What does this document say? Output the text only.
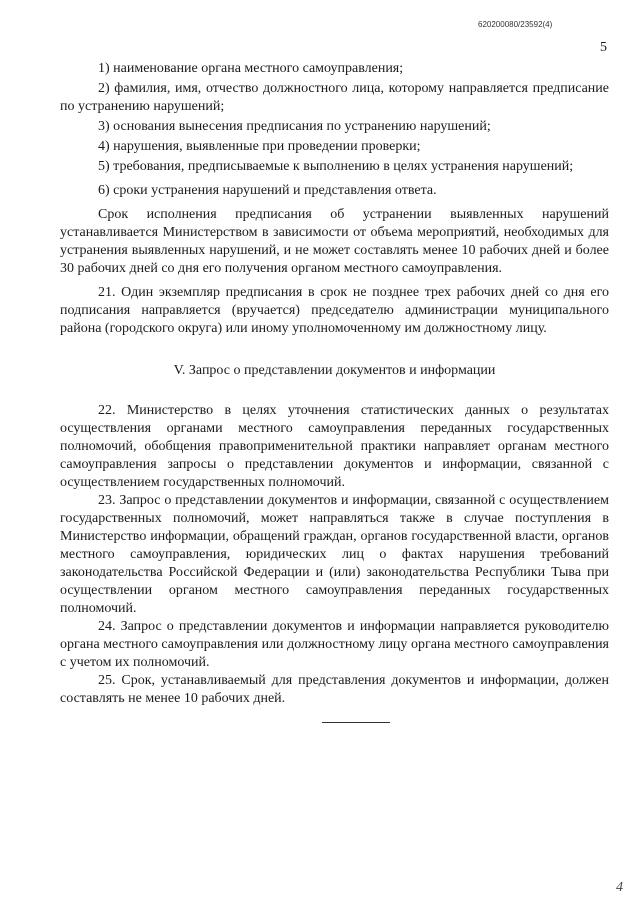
620200080/23592(4)
5

1) наименование органа местного самоуправления;

2) фамилия, имя, отчество должностного лица, которому направляется предписание по устранению нарушений;

3) основания вынесения предписания по устранению нарушений;

4) нарушения, выявленные при проведении проверки;

5) требования, предписываемые к выполнению в целях устранения нарушений;

6) сроки устранения нарушений и представления ответа.

Срок исполнения предписания об устранении выявленных нарушений устанавливается Министерством в зависимости от объема мероприятий, необходимых для устранения выявленных нарушений, и не может составлять менее 10 рабочих дней и более 30 рабочих дней со дня его получения органом местного самоуправления.

21. Один экземпляр предписания в срок не позднее трех рабочих дней со дня его подписания направляется (вручается) председателю администрации муниципального района (городского округа) или иному уполномоченному им должностному лицу.

V. Запрос о представлении документов и информации

22. Министерство в целях уточнения статистических данных о результатах осуществления органами местного самоуправления переданных государственных полномочий, обобщения правоприменительной практики направляет органам местного самоуправления запросы о представлении документов и информации, связанной с осуществлением государственных полномочий.

23. Запрос о представлении документов и информации, связанной с осуществлением государственных полномочий, может направляться также в случае поступления в Министерство информации, обращений граждан, органов государственной власти, органов местного самоуправления, юридических лиц о фактах нарушения требований законодательства Российской Федерации и (или) законодательства Республики Тыва при осуществлении органом местного самоуправления переданных государственных полномочий.

24. Запрос о представлении документов и информации направляется руководителю органа местного самоуправления или должностному лицу органа местного самоуправления с учетом их полномочий.

25. Срок, устанавливаемый для представления документов и информации, должен составлять не менее 10 рабочих дней.

4
